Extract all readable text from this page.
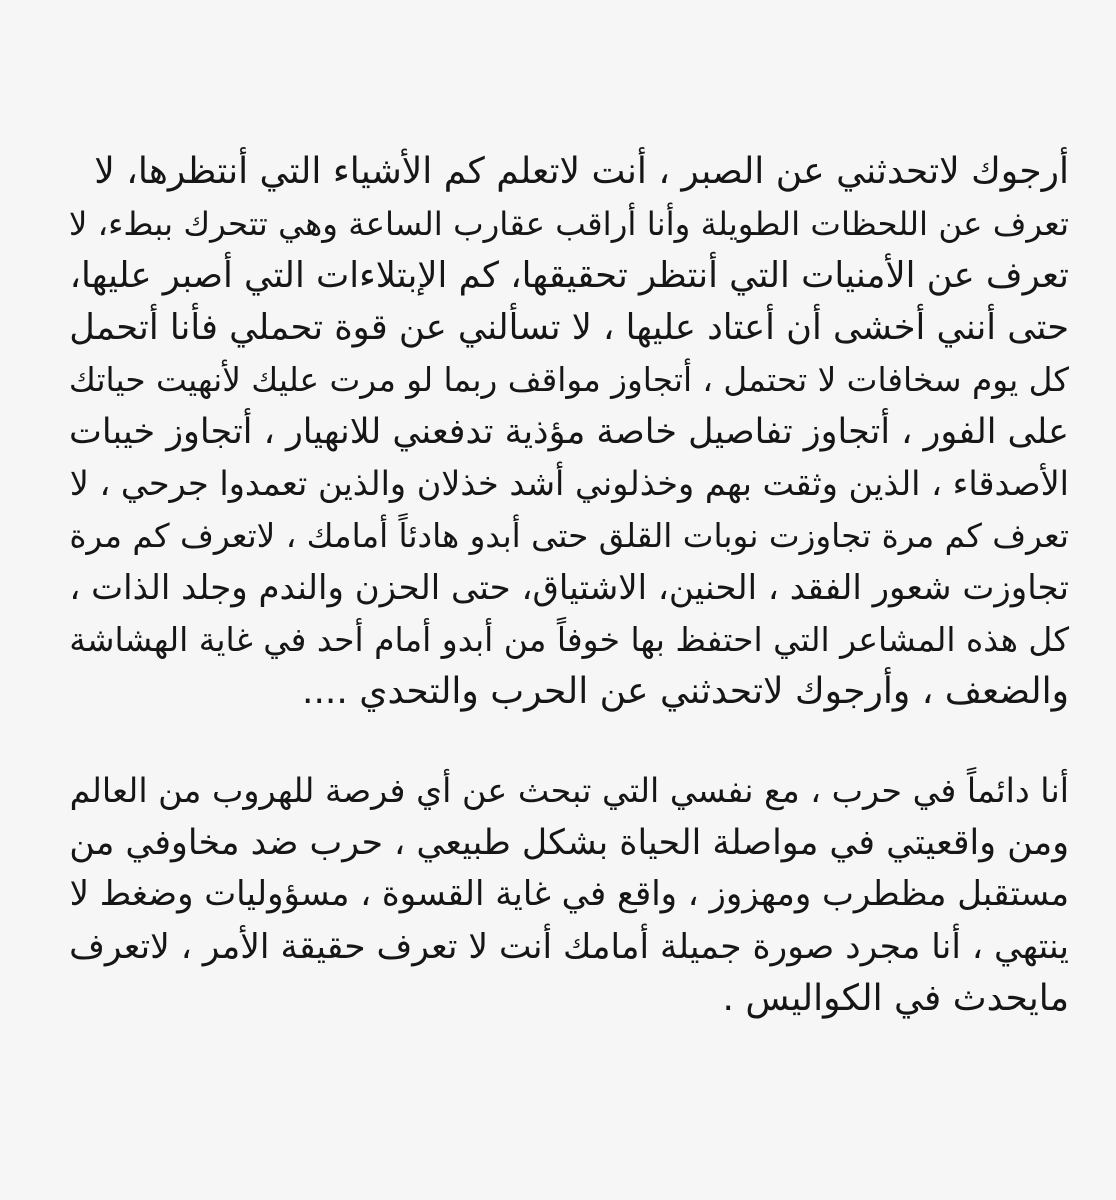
أرجوك لاتحدثني عن الصبر ، أنت لاتعلم كم الأشياء التي أنتظرها، لا
تعرف عن اللحظات الطويلة وأنا أراقب عقارب الساعة وهي تتحرك ببطء، لا
تعرف عن الأمنيات التي أنتظر تحقيقها، كم الإبتلاءات التي أصبر عليها،
حتى أنني أخشى أن أعتاد عليها ، لا تسألني عن قوة تحملي فأنا أتحمل
كل يوم سخافات لا تحتمل ، أتجاوز مواقف ربما لو مرت عليك لأنهيت حياتك
على الفور ، أتجاوز تفاصيل خاصة مؤذية تدفعني للانهيار ، أتجاوز خيبات
الأصدقاء ، الذين وثقت بهم وخذلوني أشد خذلان والذين تعمدوا جرحي ، لا
تعرف كم مرة تجاوزت نوبات القلق حتى أبدو هادئاً أمامك ، لاتعرف كم مرة
تجاوزت شعور الفقد ، الحنين، الاشتياق، حتى الحزن والندم وجلد الذات ،
كل هذه المشاعر التي احتفظ بها خوفاً من أبدو أمام أحد في غاية الهشاشة
والضعف ، وأرجوك لاتحدثني عن الحرب والتحدي ....
أنا دائماً في حرب ، مع نفسي التي تبحث عن أي فرصة للهروب من العالم
ومن واقعيتي في مواصلة الحياة بشكل طبيعي ، حرب ضد مخاوفي من
مستقبل مظطرب ومهزوز ، واقع في غاية القسوة ، مسؤوليات وضغط لا
ينتهي ، أنا مجرد صورة جميلة أمامك أنت لا تعرف حقيقة الأمر ، لاتعرف
مايحدث في الكواليس .
